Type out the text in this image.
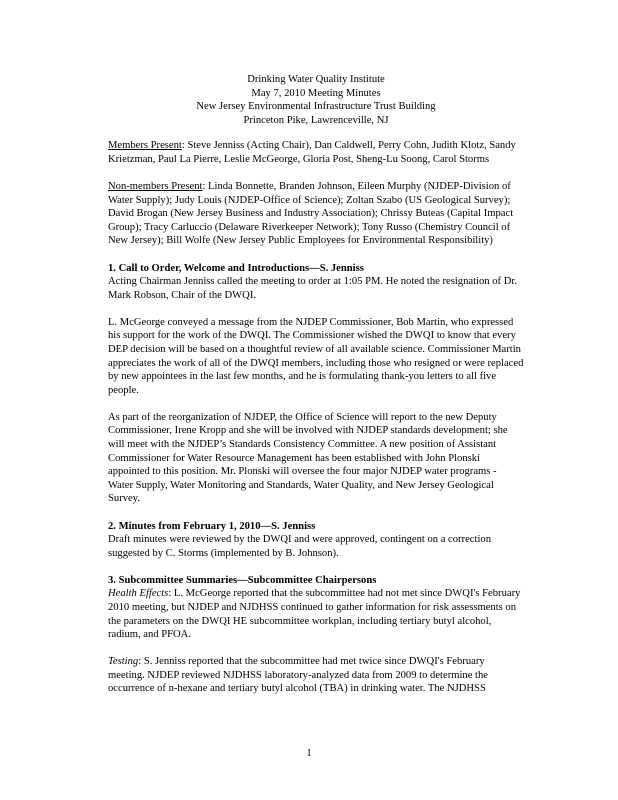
Drinking Water Quality Institute
May 7, 2010 Meeting Minutes
New Jersey Environmental Infrastructure Trust Building
Princeton Pike, Lawrenceville, NJ

Members Present: Steve Jenniss (Acting Chair), Dan Caldwell, Perry Cohn, Judith Klotz, Sandy Krietzman, Paul La Pierre, Leslie McGeorge, Gloria Post, Sheng-Lu Soong, Carol Storms

Non-members Present: Linda Bonnette, Branden Johnson, Eileen Murphy (NJDEP-Division of Water Supply); Judy Louis (NJDEP-Office of Science); Zoltan Szabo (US Geological Survey); David Brogan (New Jersey Business and Industry Association); Chrissy Buteas (Capital Impact Group); Tracy Carluccio (Delaware Riverkeeper Network); Tony Russo (Chemistry Council of New Jersey); Bill Wolfe (New Jersey Public Employees for Environmental Responsibility)

1. Call to Order, Welcome and Introductions—S. Jenniss

Acting Chairman Jenniss called the meeting to order at 1:05 PM. He noted the resignation of Dr. Mark Robson, Chair of the DWQI.

L. McGeorge conveyed a message from the NJDEP Commissioner, Bob Martin, who expressed his support for the work of the DWQI. The Commissioner wished the DWQI to know that every DEP decision will be based on a thoughtful review of all available science. Commissioner Martin appreciates the work of all of the DWQI members, including those who resigned or were replaced by new appointees in the last few months, and he is formulating thank-you letters to all five people.

As part of the reorganization of NJDEP, the Office of Science will report to the new Deputy Commissioner, Irene Kropp and she will be involved with NJDEP standards development; she will meet with the NJDEP’s Standards Consistency Committee. A new position of Assistant Commissioner for Water Resource Management has been established with John Plonski appointed to this position. Mr. Plonski will oversee the four major NJDEP water programs - Water Supply, Water Monitoring and Standards, Water Quality, and New Jersey Geological Survey.

2. Minutes from February 1, 2010—S. Jenniss

Draft minutes were reviewed by the DWQI and were approved, contingent on a correction suggested by C. Storms (implemented by B. Johnson).

3. Subcommittee Summaries—Subcommittee Chairpersons

Health Effects: L. McGeorge reported that the subcommittee had not met since DWQI's February 2010 meeting, but NJDEP and NJDHSS continued to gather information for risk assessments on the parameters on the DWQI HE subcommittee workplan, including tertiary butyl alcohol, radium, and PFOA.

Testing: S. Jenniss reported that the subcommittee had met twice since DWQI's February meeting. NJDEP reviewed NJDHSS laboratory-analyzed data from 2009 to determine the occurrence of n-hexane and tertiary butyl alcohol (TBA) in drinking water. The NJDHSS

1
